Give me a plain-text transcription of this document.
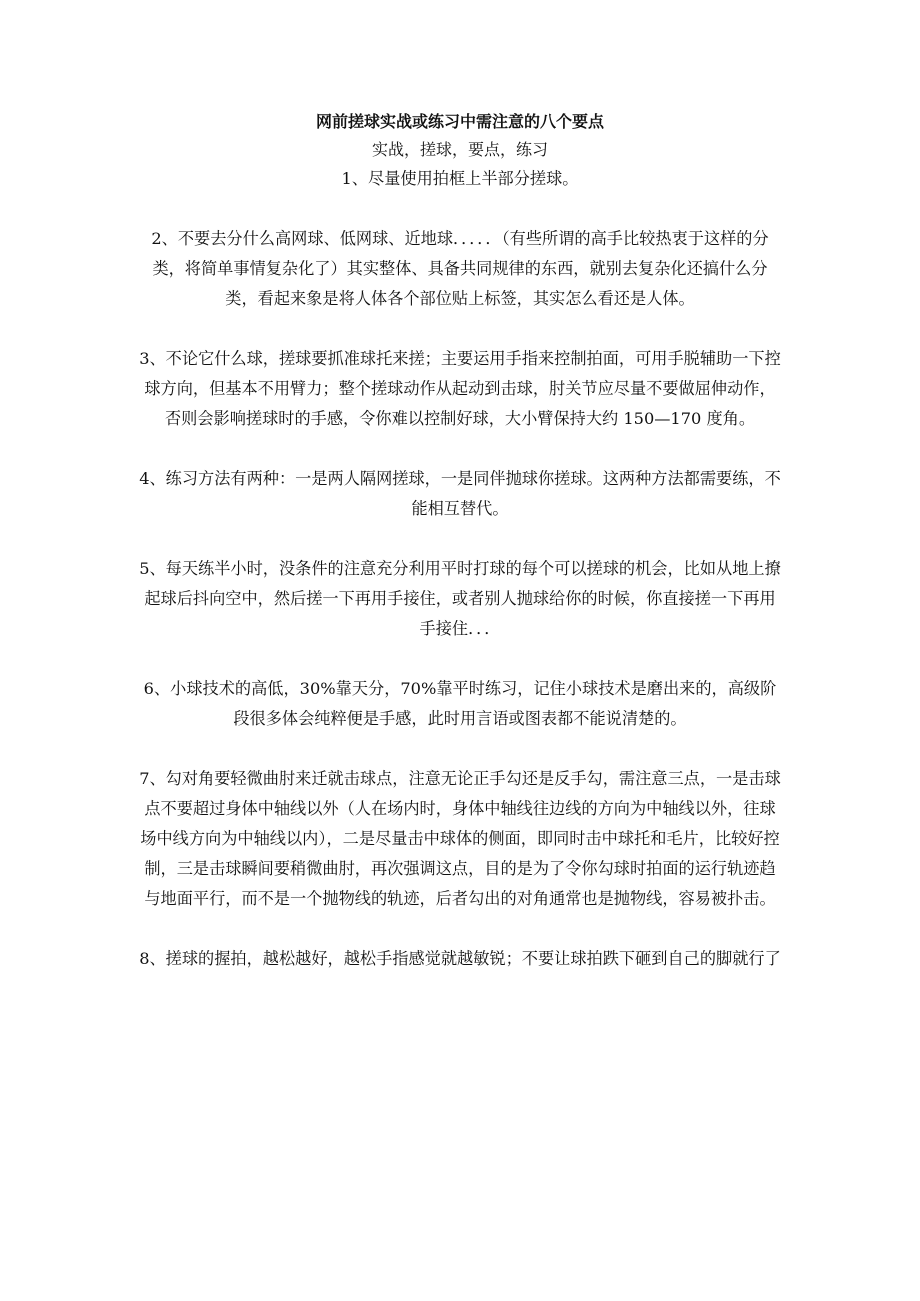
网前搓球实战或练习中需注意的八个要点

实战，搓球，要点，练习

1、尽量使用拍框上半部分搓球。

2、不要去分什么高网球、低网球、近地球．．．．．（有些所谓的高手比较热衷于这样的分类，将简单事情复杂化了）其实整体、具备共同规律的东西，就别去复杂化还搞什么分类，看起来象是将人体各个部位贴上标签，其实怎么看还是人体。

3、不论它什么球，搓球要抓准球托来搓；主要运用手指来控制拍面，可用手脱辅助一下控球方向，但基本不用臂力；整个搓球动作从起动到击球，肘关节应尽量不要做屈伸动作，否则会影响搓球时的手感，令你难以控制好球，大小臂保持大约 150—170 度角。

4、练习方法有两种：一是两人隔网搓球，一是同伴抛球你搓球。这两种方法都需要练，不能相互替代。

5、每天练半小时，没条件的注意充分利用平时打球的每个可以搓球的机会，比如从地上撩起球后抖向空中，然后搓一下再用手接住，或者别人抛球给你的时候，你直接搓一下再用手接住．．．

6、小球技术的高低，30%靠天分，70%靠平时练习，记住小球技术是磨出来的，高级阶段很多体会纯粹便是手感，此时用言语或图表都不能说清楚的。

7、勾对角要轻微曲肘来迁就击球点，注意无论正手勾还是反手勾，需注意三点，一是击球点不要超过身体中轴线以外（人在场内时，身体中轴线往边线的方向为中轴线以外，往球场中线方向为中轴线以内），二是尽量击中球体的侧面，即同时击中球托和毛片，比较好控制，三是击球瞬间要稍微曲肘，再次强调这点，目的是为了令你勾球时拍面的运行轨迹趋与地面平行，而不是一个抛物线的轨迹，后者勾出的对角通常也是抛物线，容易被扑击。

8、搓球的握拍，越松越好，越松手指感觉就越敏锐；不要让球拍跌下砸到自己的脚就行了
